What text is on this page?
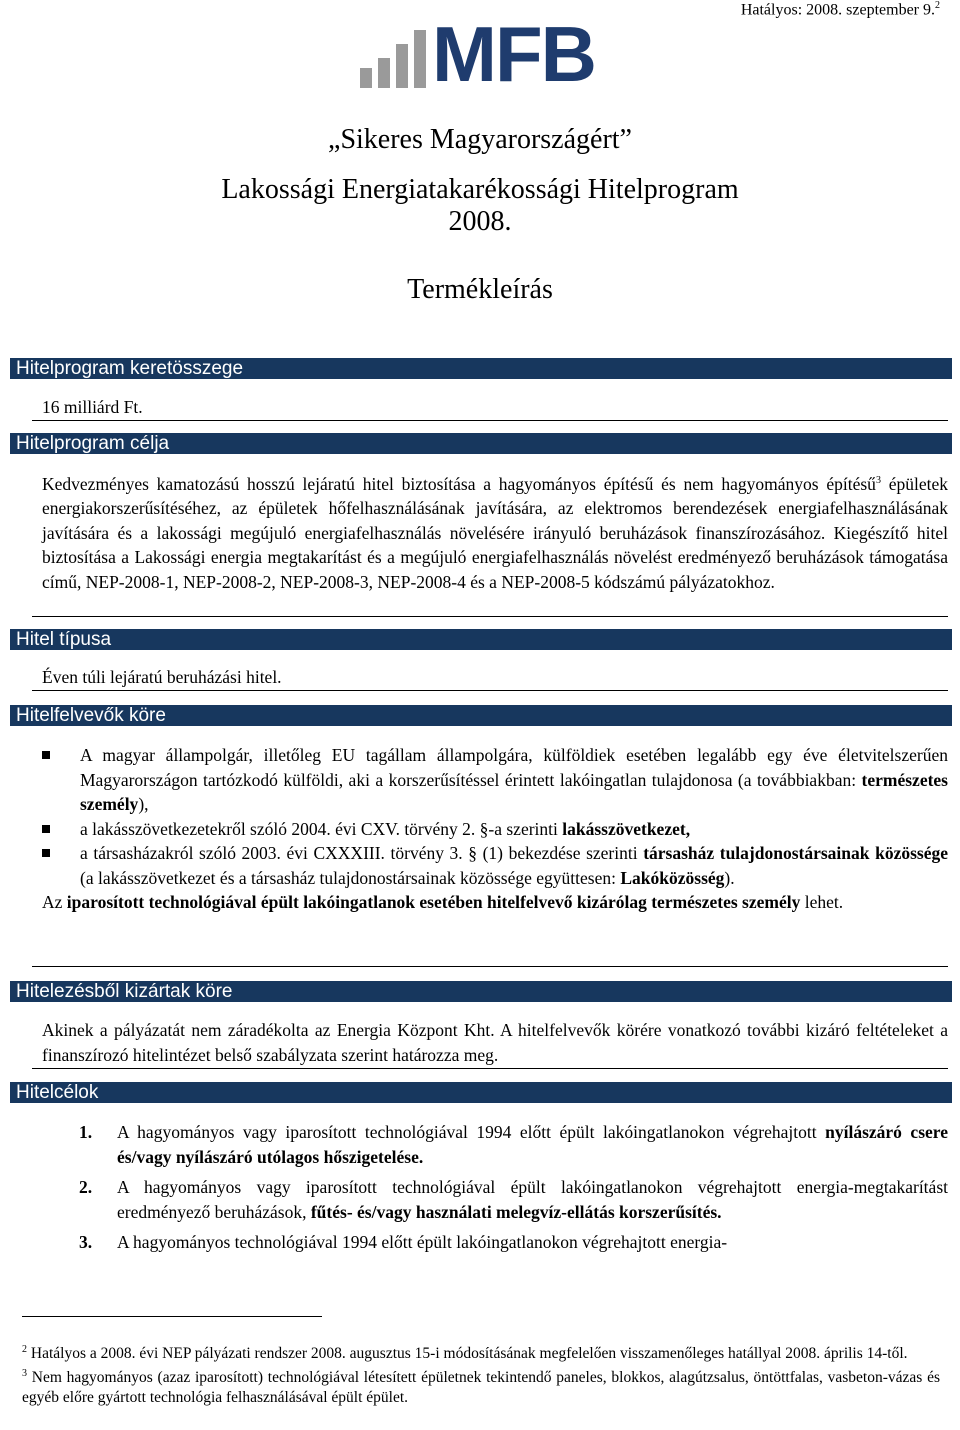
Hatályos: 2008. szeptember 9.$^2$
MFB
„Sikeres Magyarországért”
Lakossági Energiatakarékossági Hitelprogram
2008.
Termékleírás
Hitelprogram keretösszege
16 milliárd Ft.
Hitelprogram célja
Kedvezményes kamatozású hosszú lejáratú hitel biztosítása a hagyományos építésű és nem hagyományos építésű$^3$ épületek energiakorszerűsítéséhez, az épületek hőfelhasználásának javítására, az elektromos berendezések energiafelhasználásának javítására és a lakossági megújuló energiafelhasználás növelésére irányuló beruházások finanszírozásához. Kiegészítő hitel biztosítása a Lakossági energia megtakarítást és a megújuló energiafelhasználás növelést eredményező beruházások támogatása című, NEP-2008-1, NEP-2008-2, NEP-2008-3, NEP-2008-4 és a NEP-2008-5 kódszámú pályázatokhoz.
Hitel típusa
Éven túli lejáratú beruházási hitel.
Hitelfelvevők köre
A magyar állampolgár, illetőleg EU tagállam állampolgára, külföldiek esetében legalább egy éve életvitelszerűen Magyarországon tartózkodó külföldi, aki a korszerűsítéssel érintett lakóingatlan tulajdonosa (a továbbiakban: természetes személy),
a lakásszövetkezetekről szóló 2004. évi CXV. törvény 2. §-a szerinti lakásszövetkezet,
a társasházakról szóló 2003. évi CXXXIII. törvény 3. § (1) bekezdése szerinti társasház tulajdonostársainak közössége (a lakásszövetkezet és a társasház tulajdonostársainak közössége együttesen: Lakóközösség).
Az iparosított technológiával épült lakóingatlanok esetében hitelfelvevő kizárólag természetes személy lehet.
Hitelezésből kizártak köre
Akinek a pályázatát nem záradékolta az Energia Központ Kht. A hitelfelvevők körére vonatkozó további kizáró feltételeket a finanszírozó hitelintézet belső szabályzata szerint határozza meg.
Hitelcélok
1. A hagyományos vagy iparosított technológiával 1994 előtt épült lakóingatlanokon végrehajtott nyílászáró csere és/vagy nyílászáró utólagos hőszigetelése.
2. A hagyományos vagy iparosított technológiával épült lakóingatlanokon végrehajtott energia-megtakarítást eredményező beruházások, fűtés- és/vagy használati melegvíz-ellátás korszerűsítés.
3. A hagyományos technológiával 1994 előtt épült lakóingatlanokon végrehajtott energia-

$^2$ Hatályos a 2008. évi NEP pályázati rendszer 2008. augusztus 15-i módosításának megfelelően visszamenőleges hatállyal 2008. április 14-től.

$^3$ Nem hagyományos (azaz iparosított) technológiával létesített épületnek tekintendő paneles, blokkos, alagútzsalus, öntöttfalas, vasbeton-vázas és egyéb előre gyártott technológia felhasználásával épült épület.
